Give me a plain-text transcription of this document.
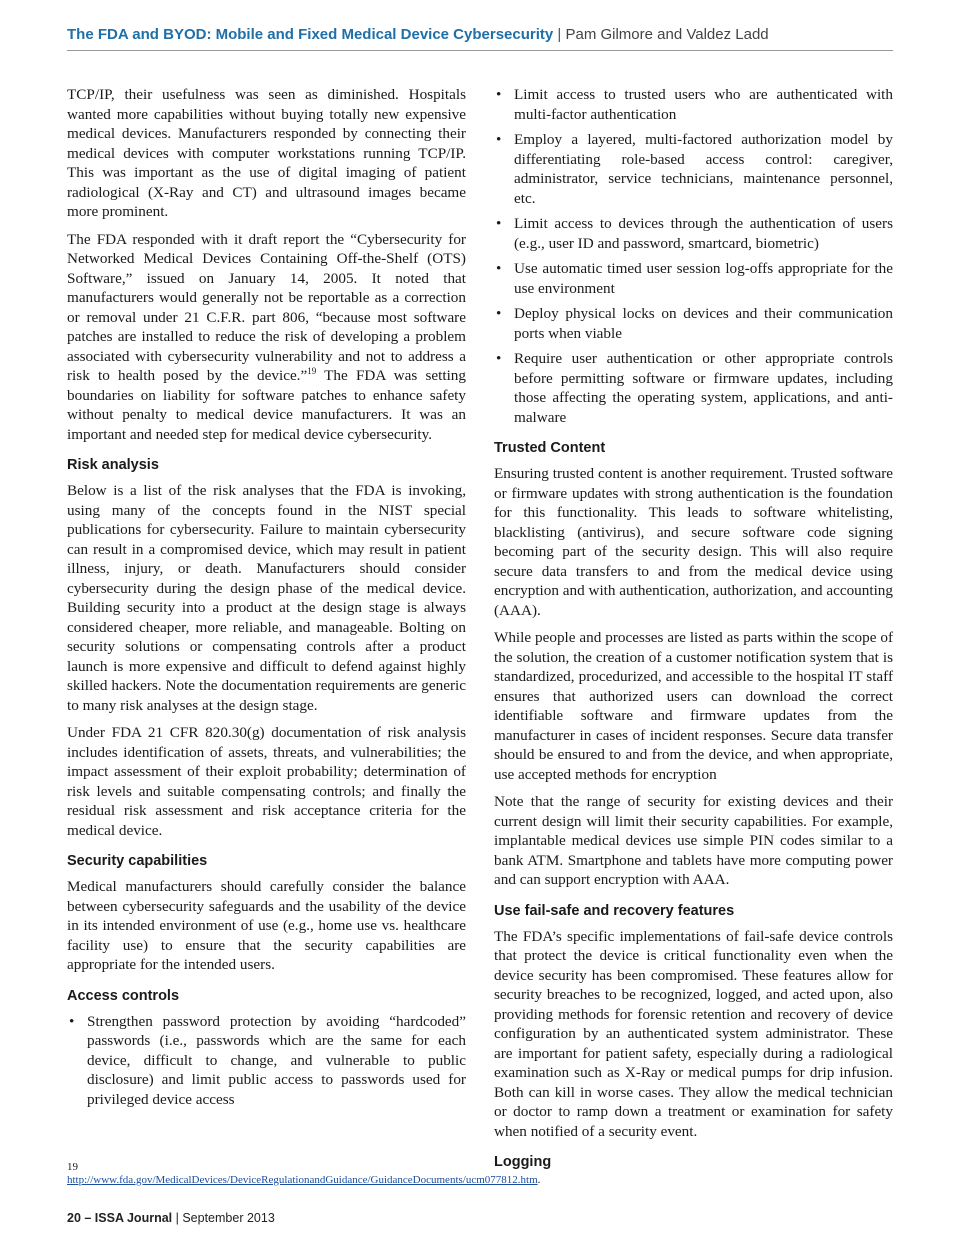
The FDA and BYOD: Mobile and Fixed Medical Device Cybersecurity | Pam Gilmore and Valdez Ladd

TCP/IP, their usefulness was seen as diminished. Hospitals wanted more capabilities without buying totally new expensive medical devices. Manufacturers responded by connecting their medical devices with computer workstations running TCP/IP. This was important as the use of digital imaging of patient radiological (X-Ray and CT) and ultrasound images became more prominent.

The FDA responded with it draft report the “Cybersecurity for Networked Medical Devices Containing Off-the-Shelf (OTS) Software,” issued on January 14, 2005. It noted that manufacturers would generally not be reportable as a correction or removal under 21 C.F.R. part 806, “because most software patches are installed to reduce the risk of developing a problem associated with cybersecurity vulnerability and not to address a risk to health posed by the device.”$^{19}$ The FDA was setting boundaries on liability for software patches to enhance safety without penalty to medical device manufacturers. It was an important and needed step for medical device cybersecurity.

Risk analysis

Below is a list of the risk analyses that the FDA is invoking, using many of the concepts found in the NIST special publications for cybersecurity. Failure to maintain cybersecurity can result in a compromised device, which may result in patient illness, injury, or death. Manufacturers should consider cybersecurity during the design phase of the medical device. Building security into a product at the design stage is always considered cheaper, more reliable, and manageable. Bolting on security solutions or compensating controls after a product launch is more expensive and difficult to defend against highly skilled hackers. Note the documentation requirements are generic to many risk analyses at the design stage.

Under FDA 21 CFR 820.30(g) documentation of risk analysis includes identification of assets, threats, and vulnerabilities; the impact assessment of their exploit probability; determination of risk levels and suitable compensating controls; and finally the residual risk assessment and risk acceptance criteria for the medical device.

Security capabilities

Medical manufacturers should carefully consider the balance between cybersecurity safeguards and the usability of the device in its intended environment of use (e.g., home use vs. healthcare facility use) to ensure that the security capabilities are appropriate for the intended users.

Access controls
• Strengthen password protection by avoiding “hardcoded” passwords (i.e., passwords which are the same for each device, difficult to change, and vulnerable to public disclosure) and limit public access to passwords used for privileged device access
• Limit access to trusted users who are authenticated with multi-factor authentication
• Employ a layered, multi-factored authorization model by differentiating role-based access control: caregiver, administrator, service technicians, maintenance personnel, etc.
• Limit access to devices through the authentication of users (e.g., user ID and password, smartcard, biometric)
• Use automatic timed user session log-offs appropriate for the use environment
• Deploy physical locks on devices and their communication ports when viable
• Require user authentication or other appropriate controls before permitting software or firmware updates, including those affecting the operating system, applications, and anti-malware
Trusted Content

Ensuring trusted content is another requirement. Trusted software or firmware updates with strong authentication is the foundation for this functionality. This leads to software whitelisting, blacklisting (antivirus), and secure software code signing becoming part of the security design. This will also require secure data transfers to and from the medical device using encryption and with authentication, authorization, and accounting (AAA).

While people and processes are listed as parts within the scope of the solution, the creation of a customer notification system that is standardized, procedurized, and accessible to the hospital IT staff ensures that authorized users can download the correct identifiable software and firmware updates from the manufacturer in cases of incident responses. Secure data transfer should be ensured to and from the device, and when appropriate, use accepted methods for encryption

Note that the range of security for existing devices and their current design will limit their security capabilities. For example, implantable medical devices use simple PIN codes similar to a bank ATM. Smartphone and tablets have more computing power and can support encryption with AAA.

Use fail-safe and recovery features

The FDA’s specific implementations of fail-safe device controls that protect the device is critical functionality even when the device security has been compromised. These features allow for security breaches to be recognized, logged, and acted upon, also providing methods for forensic retention and recovery of device configuration by an authenticated system administrator. These are important for patient safety, especially during a radiological examination such as X-Ray or medical pumps for drip infusion. Both can kill in worse cases. They allow the medical technician or doctor to ramp down a treatment or examination for safety when notified of a security event.

Logging
19http://www.fda.gov/MedicalDevices/DeviceRegulationandGuidance/GuidanceDocuments/ucm077812.htm.
20 – ISSA Journal | September 2013
